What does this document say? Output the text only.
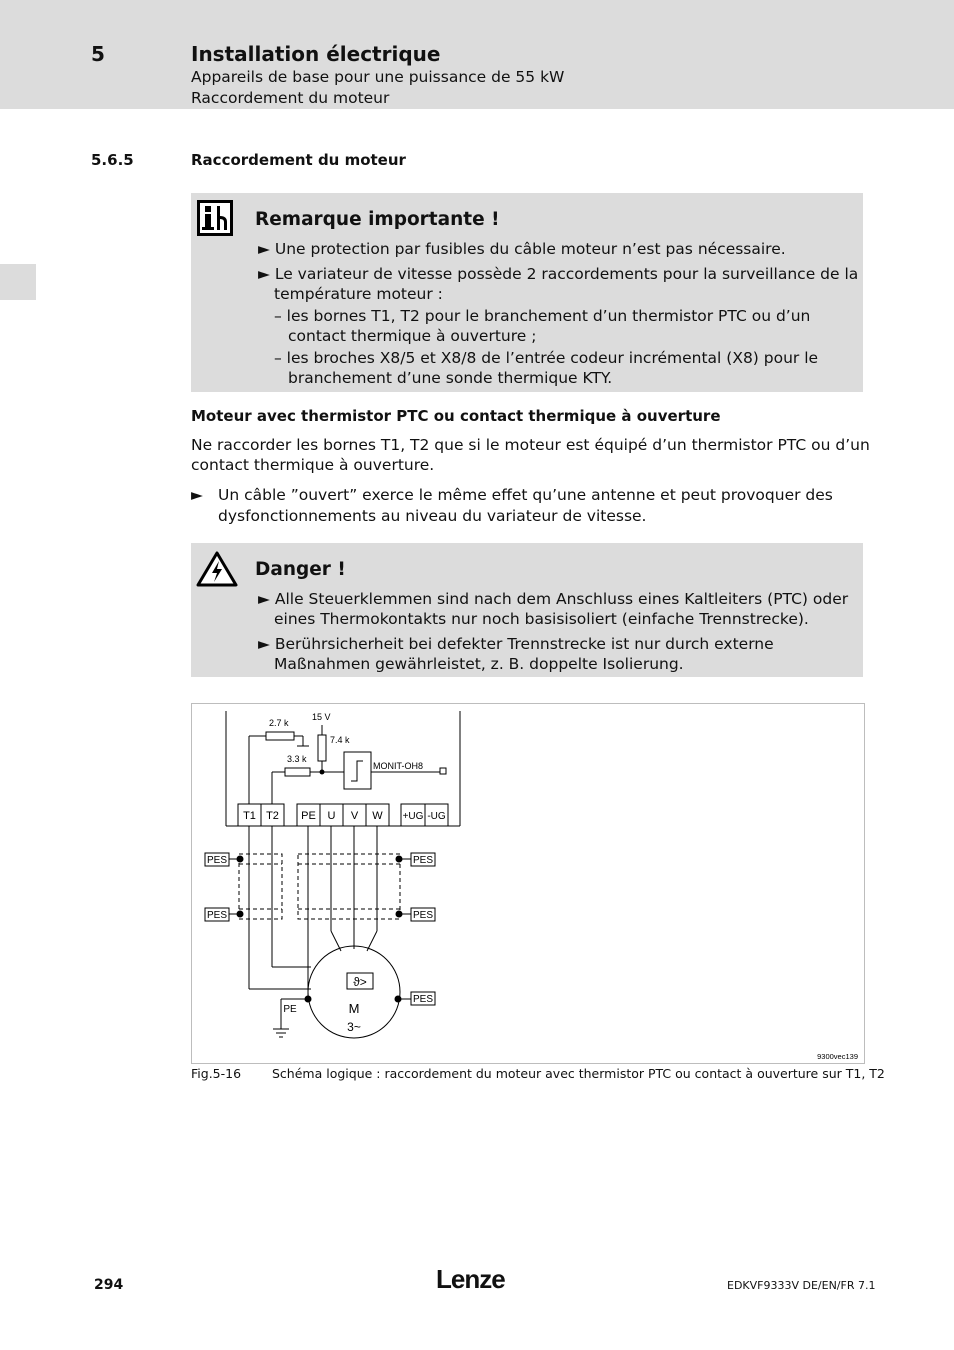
5	Installation électrique
Appareils de base pour une puissance de 55 kW
Raccordement du moteur
5.6.5	Raccordement du moteur
Remarque importante !
► Une protection par fusibles du câble moteur n’est pas nécessaire.
► Le variateur de vitesse possède 2 raccordements pour la surveillance de la
température moteur :
– les bornes T1, T2 pour le branchement d’un thermistor PTC ou d’un
contact thermique à ouverture ;
– les broches X8/5 et X8/8 de l’entrée codeur incrémental (X8) pour le
branchement d’une sonde thermique KTY.
Moteur avec thermistor PTC ou contact thermique à ouverture
Ne raccorder les bornes T1, T2 que si le moteur est équipé d’un thermistor PTC ou d’un
contact thermique à ouverture.
► Un câble ”ouvert” exerce le même effet qu’une antenne et peut provoquer des
dysfonctionnements au niveau du variateur de vitesse.
Danger !
► Alle Steuerklemmen sind nach dem Anschluss eines Kaltleiters (PTC) oder
eines Thermokontakts nur noch basisisoliert (einfache Trennstrecke).
► Berührsicherheit bei defekter Trennstrecke ist nur durch externe
Maßnahmen gewährleistet, z. B. doppelte Isolierung.
2.7 k
3.3 k
7.4 k
15 V
MONIT-OH8
T1 T2 PE U V W +UG -UG
PES
PES
PES
PES
PES
PE
ϑ>
M
3~
9300vec139
Fig.5-16 Schéma logique : raccordement du moteur avec thermistor PTC ou contact à ouverture sur T1, T2
294	Lenze	EDKVF9333V DE/EN/FR 7.1
